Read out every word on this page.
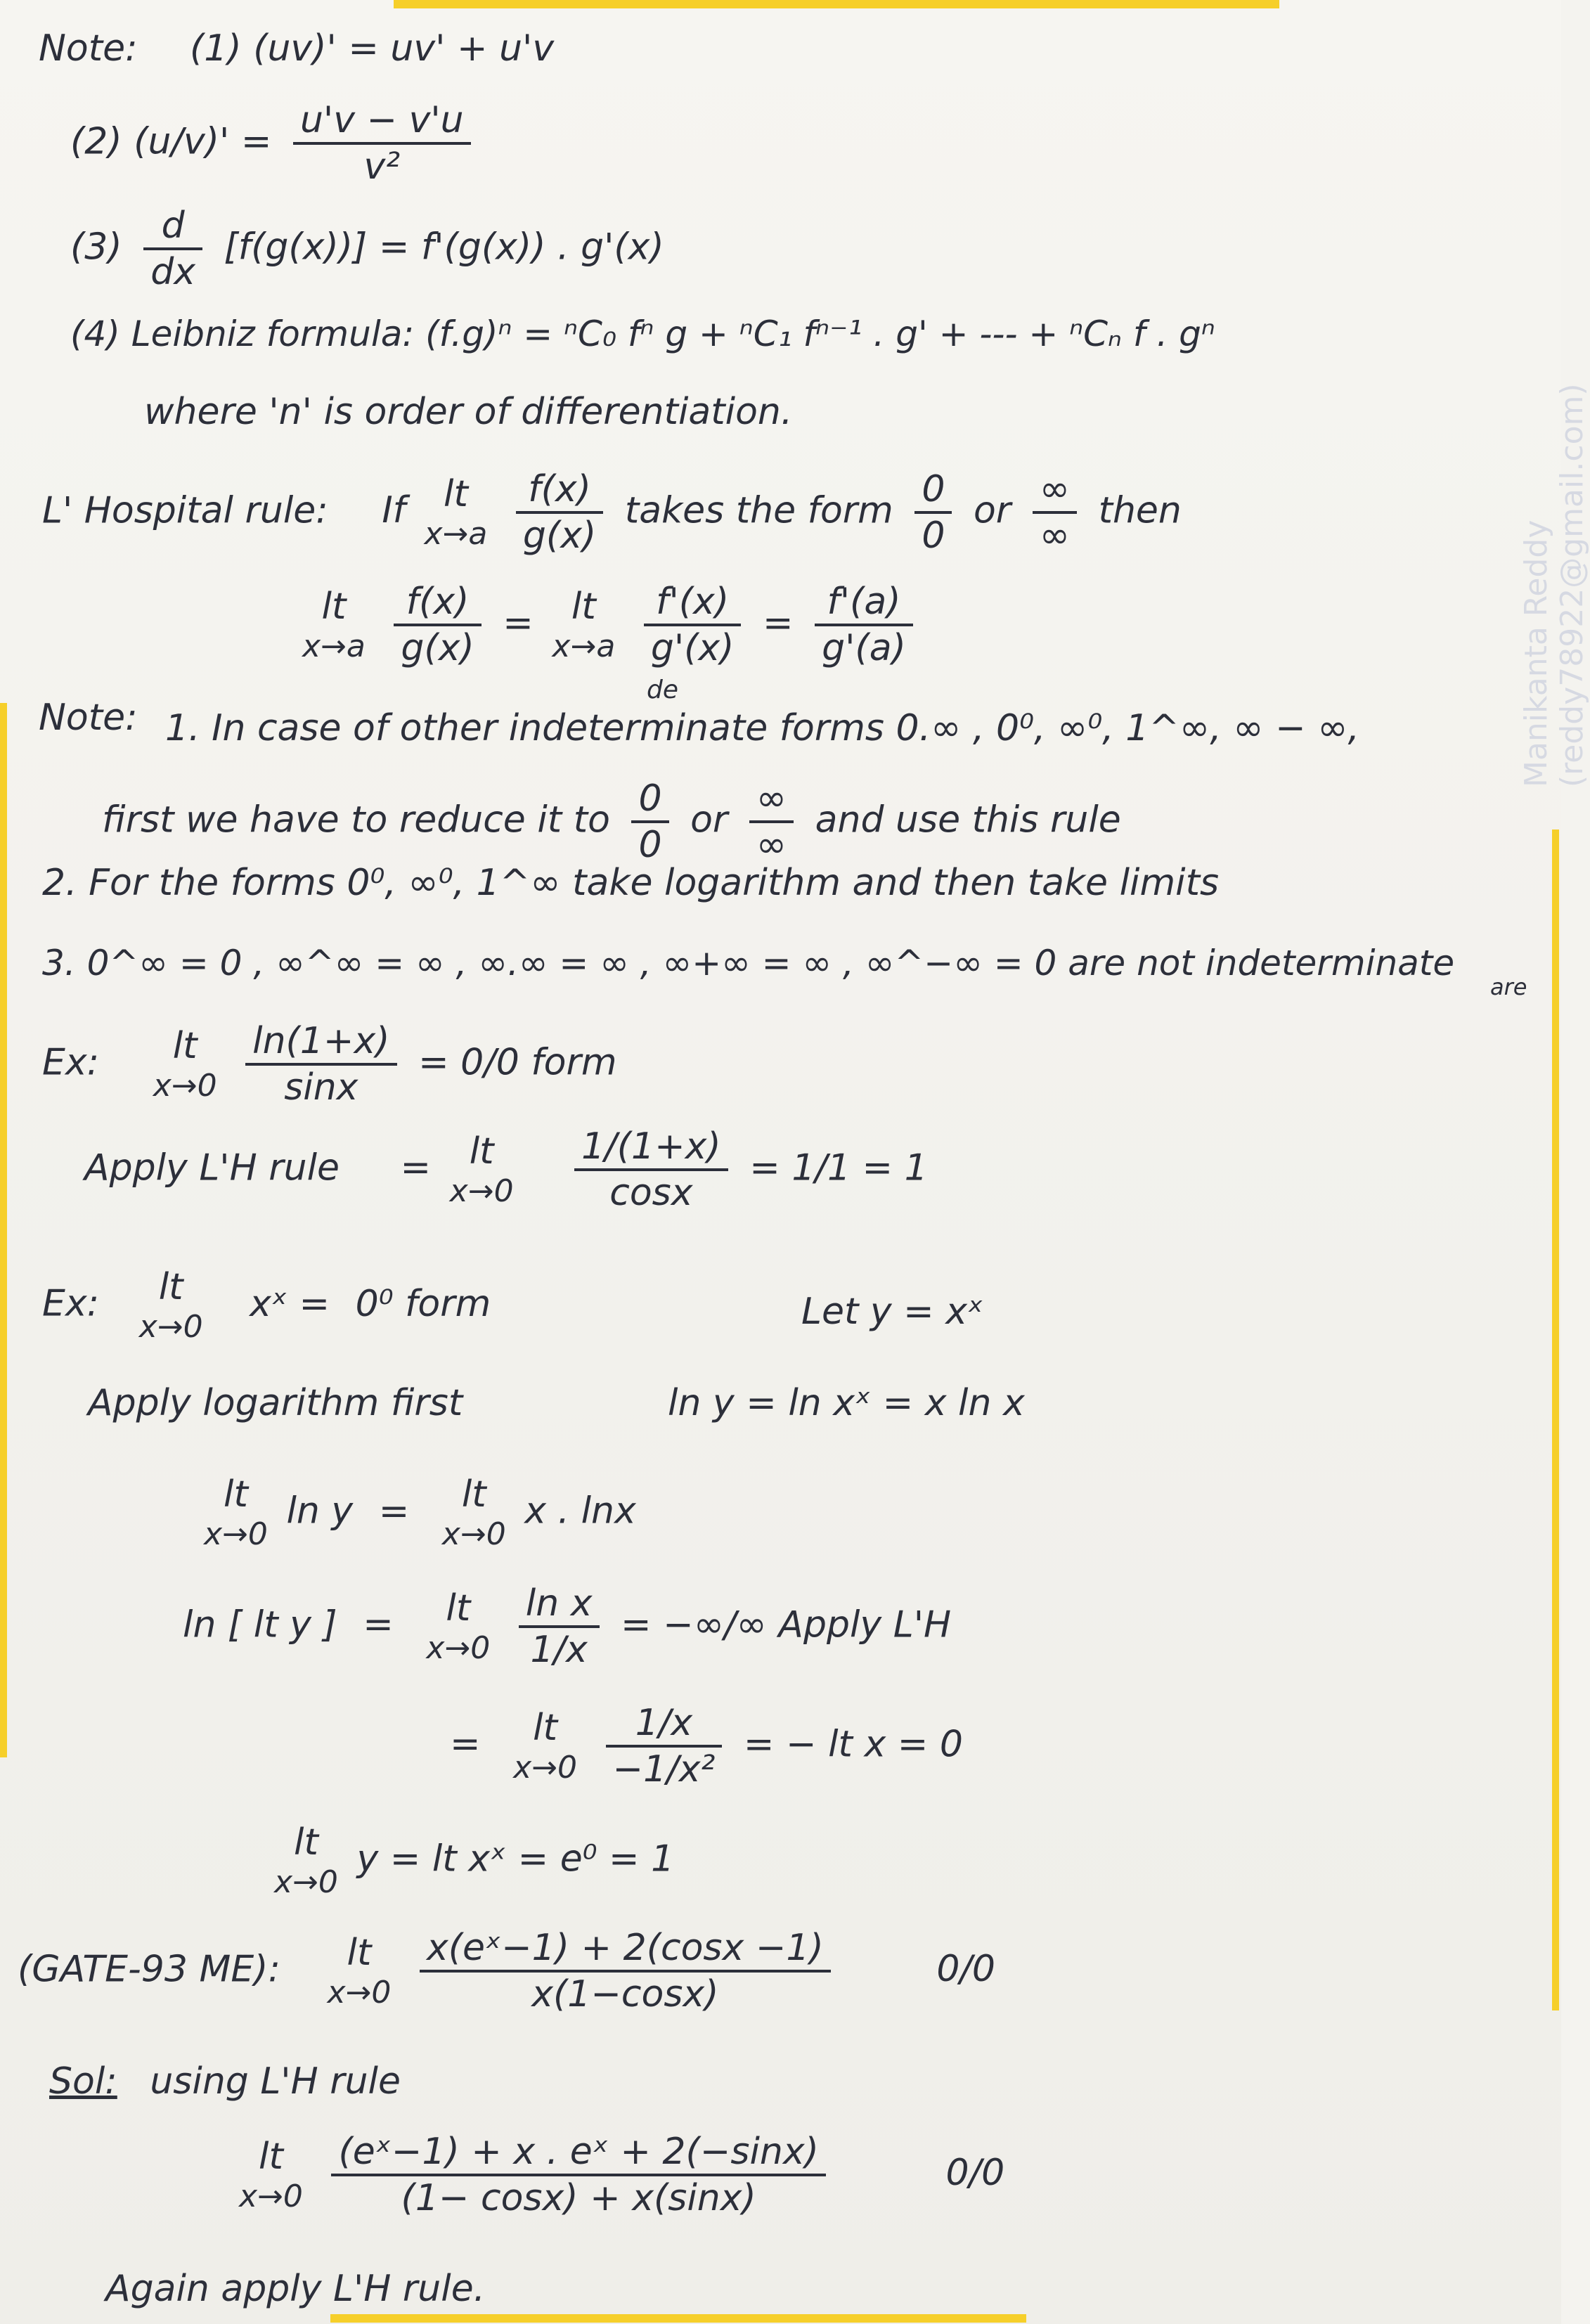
Manikanta Reddy (reddy78922@gmail.com)
Note: (1) (uv)' = uv' + u'v
(2) $(u/v)' = \frac{u'v - v'u}{\text{v²}}$
$(3) \frac{d}{dx} [f(g(x))] = f'(g(x))$ . g'(x)
(4) Leibniz formula: (f.g)ⁿ = ⁿC₀ fⁿ g + ⁿC₁ fⁿ⁻¹ . g' + --- + ⁿCₙ f . gⁿ
where 'n' is order of differentiation.
L' Hospital rule: If	lt
x→a
$\frac{f(x)}{g(x)}$ takes the form $\frac{0}{0}$ or $\frac{\infty}{\infty}$ then
lt
x→a
$\frac{f(x)}{g(x)}$ =	lt
x→a
$\frac{f'(x)}{g'(x)} = \frac{f'(a)}{g'(a)}$
Note:
de
1. In case of other indeterminate forms 0.∞ , 0⁰, ∞⁰, 1^∞, ∞ − ∞,
first we have to reduce it to $\frac{0}{0}$ or $\frac{\infty}{\infty}$ and use this rule
2. For the forms 0⁰, ∞⁰, 1^∞ take logarithm and then take limits
3. 0^∞ = 0 , ∞^∞ = ∞ , ∞.∞ = ∞ , ∞+∞ = ∞ , ∞^−∞ = 0 are not indeterminate
are
Ex:	lt
x→0
$\frac{\ln(1+x)}{\sin x} = 0/0$ form
Apply L'H rule =	lt
x→0
$\frac{1/(1+x)}{\cos x} = 1/1 = 1$
Ex:	lt
x→0
xˣ = 0⁰ form	Let y = xˣ
Apply logarithm first	ln y = ln xˣ = x ln x
lt
x→0
ln y =	lt
x→0
x . lnx
ln [ lt y ] =	lt
x→0
$\frac{\text{ln x}}{1/x}$ = −∞/∞ Apply L'H
=	lt
x→0
$\frac{1/x}{\text{−1/x²}}$ = − lt x = 0
lt
x→0
y = lt xˣ = e⁰ = 1
(GATE-93 ME):	lt
x→0
$\frac{\text{x(eˣ−1) + 2(cosx −1)}}{x(1-\cos x)}$	0/0
Sol: using L'H rule
lt
x→0
$\frac{\text{(eˣ−1) + x . eˣ + 2(−sinx)}}{(1- \cos x) + x(\sin x)}$	0/0
Again apply L'H rule.
